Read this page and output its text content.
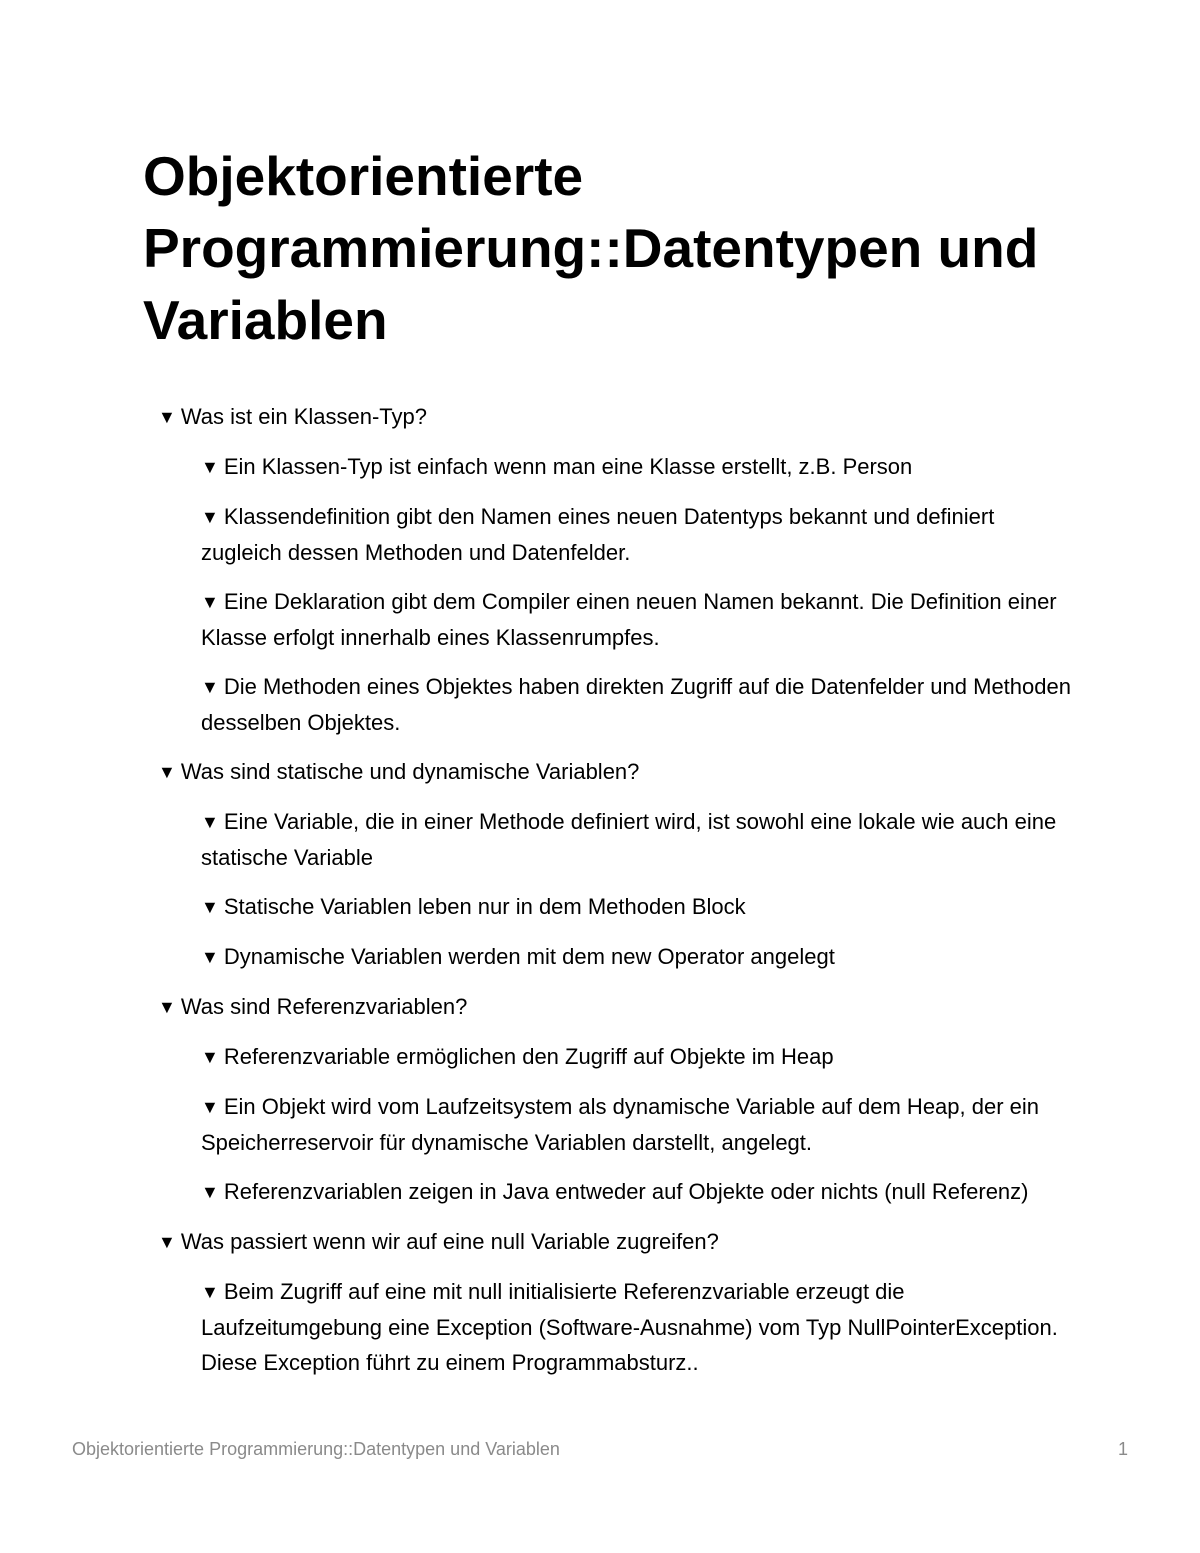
Objektorientierte Programmierung::Datentypen und Variablen
▼ Was ist ein Klassen-Typ?
▼ Ein Klassen-Typ ist einfach wenn man eine Klasse erstellt, z.B. Person
▼ Klassendefinition gibt den Namen eines neuen Datentyps bekannt und definiert zugleich dessen Methoden und Datenfelder.
▼ Eine Deklaration gibt dem Compiler einen neuen Namen bekannt. Die Definition einer Klasse erfolgt innerhalb eines Klassenrumpfes.
▼ Die Methoden eines Objektes haben direkten Zugriff auf die Datenfelder und Methoden desselben Objektes.
▼ Was sind statische und dynamische Variablen?
▼ Eine Variable, die in einer Methode definiert wird, ist sowohl eine lokale wie auch eine statische Variable
▼ Statische Variablen leben nur in dem Methoden Block
▼ Dynamische Variablen werden mit dem new Operator angelegt
▼ Was sind Referenzvariablen?
▼ Referenzvariable ermöglichen den Zugriff auf Objekte im Heap
▼ Ein Objekt wird vom Laufzeitsystem als dynamische Variable auf dem Heap, der ein Speicherreservoir für dynamische Variablen darstellt, angelegt.
▼ Referenzvariablen zeigen in Java entweder auf Objekte oder nichts (null Referenz)
▼ Was passiert wenn wir auf eine null Variable zugreifen?
▼ Beim Zugriff auf eine mit null initialisierte Referenzvariable erzeugt die Laufzeitumgebung eine Exception (Software-Ausnahme) vom Typ NullPointerException. Diese Exception führt zu einem Programmabsturz..
Objektorientierte Programmierung::Datentypen und Variablen	1
